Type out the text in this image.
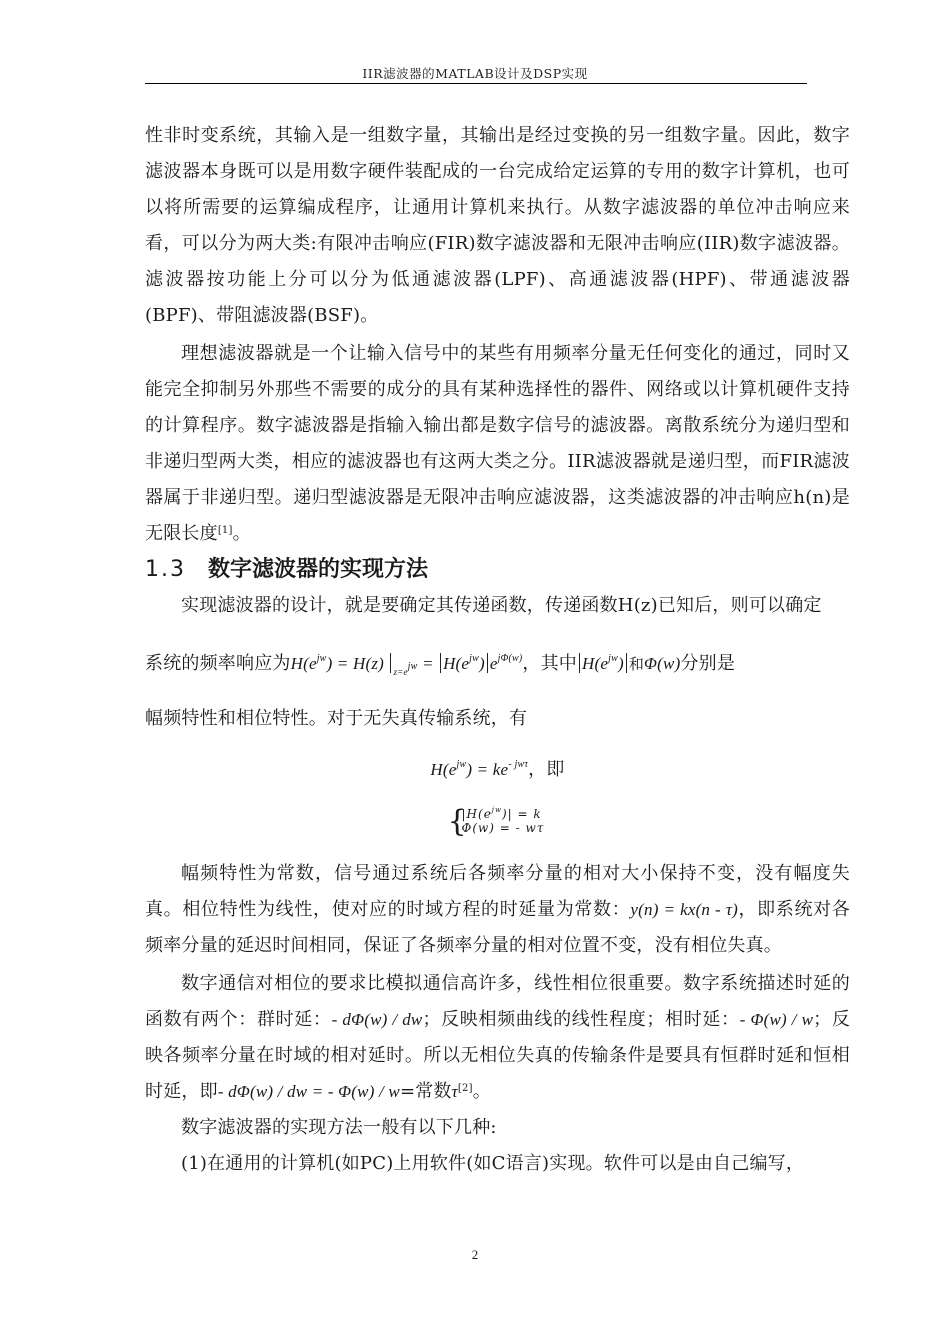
IIR滤波器的MATLAB设计及DSP实现

性非时变系统，其输入是一组数字量，其输出是经过变换的另一组数字量。因此，数字滤波器本身既可以是用数字硬件装配成的一台完成给定运算的专用的数字计算机，也可以将所需要的运算编成程序，让通用计算机来执行。从数字滤波器的单位冲击响应来看，可以分为两大类:有限冲击响应(FIR)数字滤波器和无限冲击响应(IIR)数字滤波器。滤波器按功能上分可以分为低通滤波器(LPF)、高通滤波器(HPF)、带通滤波器(BPF)、带阻滤波器(BSF)。

理想滤波器就是一个让输入信号中的某些有用频率分量无任何变化的通过，同时又能完全抑制另外那些不需要的成分的具有某种选择性的器件、网络或以计算机硬件支持的计算程序。数字滤波器是指输入输出都是数字信号的滤波器。离散系统分为递归型和非递归型两大类，相应的滤波器也有这两大类之分。IIR滤波器就是递归型，而FIR滤波器属于非递归型。递归型滤波器是无限冲击响应滤波器，这类滤波器的冲击响应h(n)是无限长度[1]。

1.3 数字滤波器的实现方法

实现滤波器的设计，就是要确定其传递函数，传递函数H(z)已知后，则可以确定

系统的频率响应为$H(e^{jw}) = H(z) _{z=e^{jw}} = H(e^{jw})$ $e^{j\Phi(w)}$，其中 $H(e^{jw})$ 和Φ(w)分别是

幅频特性和相位特性。对于无失真传输系统，有

$H(e^{jw}) = ke^{- jw\tau}$，即

{
$|H(e^{jw})| = k$
Φ(w) = - wτ

幅频特性为常数，信号通过系统后各频率分量的相对大小保持不变，没有幅度失真。相位特性为线性，使对应的时域方程的时延量为常数：y(n) = kx(n - τ)，即系统对各频率分量的延迟时间相同，保证了各频率分量的相对位置不变，没有相位失真。

数字通信对相位的要求比模拟通信高许多，线性相位很重要。数字系统描述时延的函数有两个：群时延：- dΦ(w) / dw；反映相频曲线的线性程度；相时延：- Φ(w) / w；反映各频率分量在时域的相对延时。所以无相位失真的传输条件是要具有恒群时延和恒相时延，即- dΦ(w) / dw = - Φ(w) / w=常数τ[2]。

数字滤波器的实现方法一般有以下几种:

(1)在通用的计算机(如PC)上用软件(如C语言)实现。软件可以是由自己编写，

2
